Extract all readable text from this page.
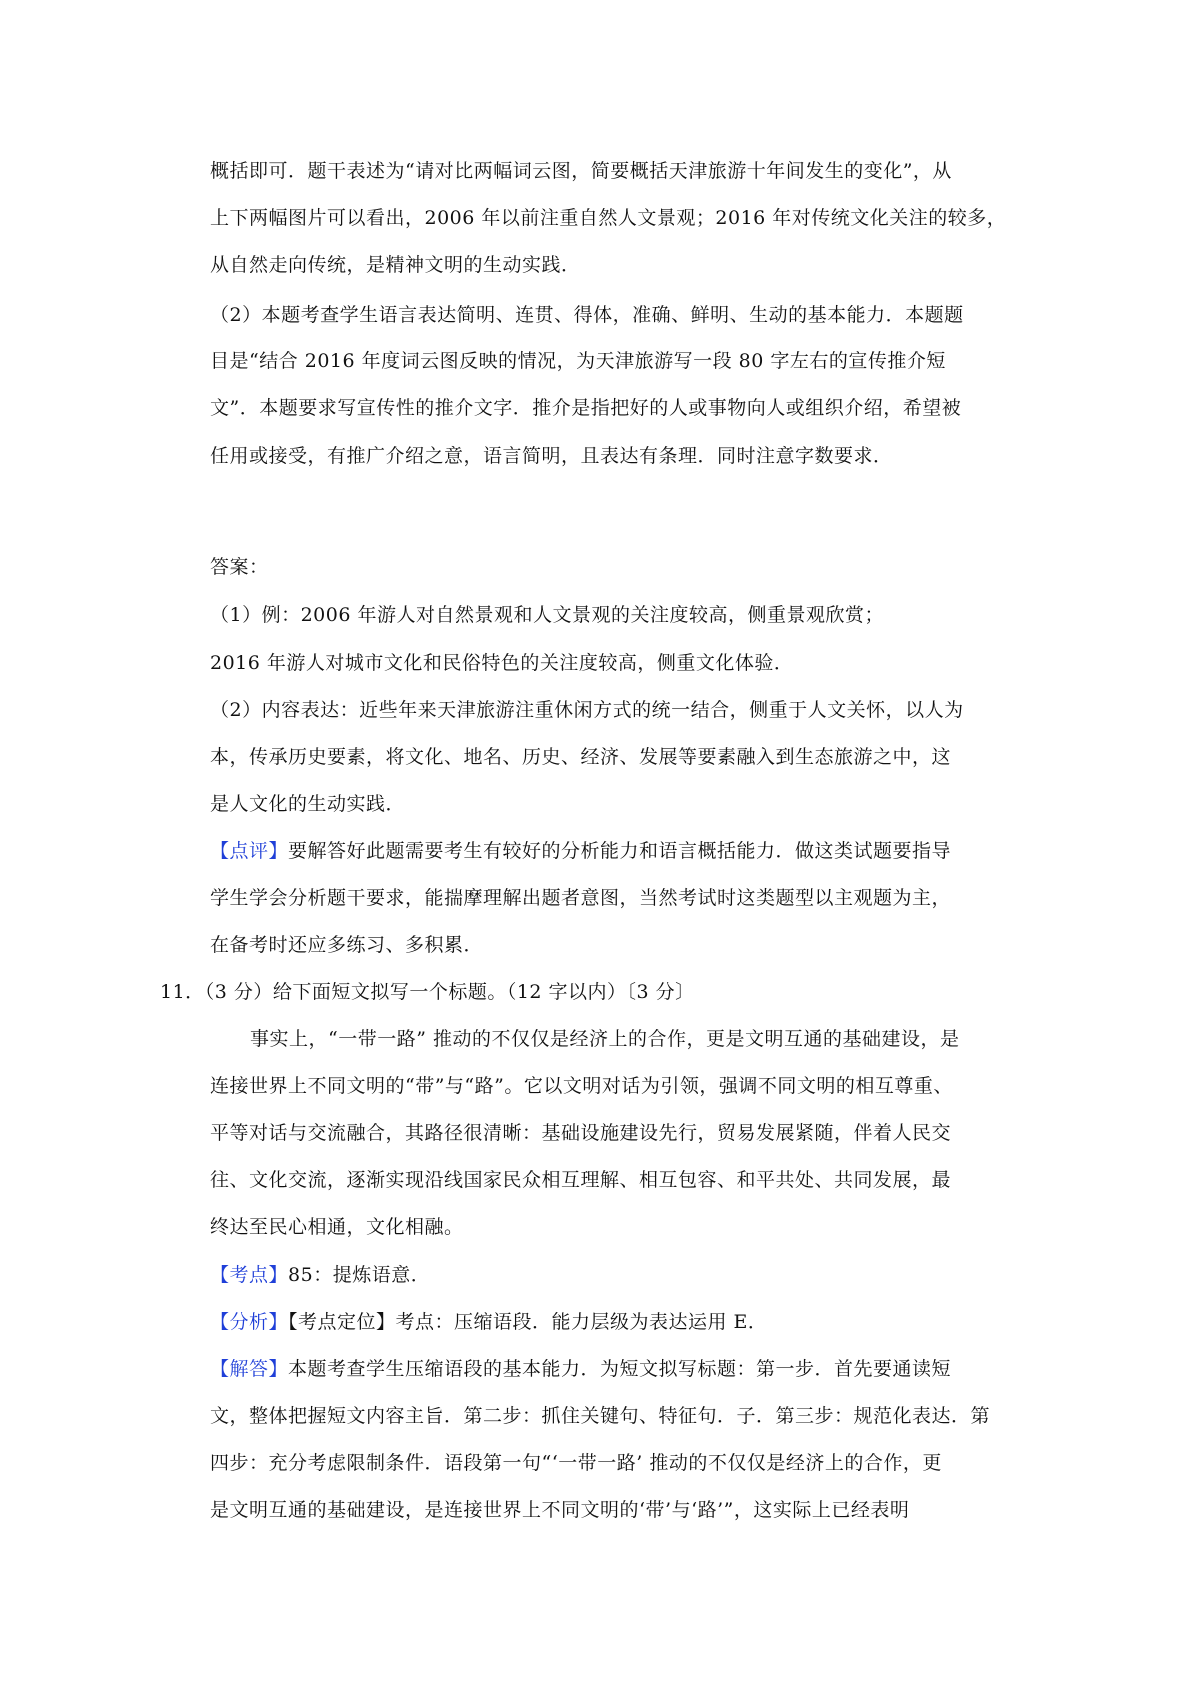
概括即可．题干表述为“请对比两幅词云图，简要概括天津旅游十年间发生的变化”，从
上下两幅图片可以看出，2006 年以前注重自然人文景观；2016 年对传统文化关注的较多，
从自然走向传统，是精神文明的生动实践．
（2）本题考查学生语言表达简明、连贯、得体，准确、鲜明、生动的基本能力．本题题
目是“结合 2016 年度词云图反映的情况，为天津旅游写一段 80 字左右的宣传推介短
文”．本题要求写宣传性的推介文字．推介是指把好的人或事物向人或组织介绍，希望被
任用或接受，有推广介绍之意，语言简明，且表达有条理．同时注意字数要求．
答案：
（1）例：2006 年游人对自然景观和人文景观的关注度较高，侧重景观欣赏；
2016 年游人对城市文化和民俗特色的关注度较高，侧重文化体验．
（2）内容表达：近些年来天津旅游注重休闲方式的统一结合，侧重于人文关怀，以人为
本，传承历史要素，将文化、地名、历史、经济、发展等要素融入到生态旅游之中，这
是人文化的生动实践．
【点评】要解答好此题需要考生有较好的分析能力和语言概括能力．做这类试题要指导
学生学会分析题干要求，能揣摩理解出题者意图，当然考试时这类题型以主观题为主，
在备考时还应多练习、多积累．
11．（3 分）给下面短文拟写一个标题。（12 字以内）〔3 分〕
事实上，“一带一路” 推动的不仅仅是经济上的合作，更是文明互通的基础建设，是
连接世界上不同文明的“带”与“路”。它以文明对话为引领，强调不同文明的相互尊重、
平等对话与交流融合，其路径很清晰：基础设施建设先行，贸易发展紧随，伴着人民交
往、文化交流，逐渐实现沿线国家民众相互理解、相互包容、和平共处、共同发展，最
终达至民心相通，文化相融。
【考点】85：提炼语意．
【分析】【考点定位】考点：压缩语段．能力层级为表达运用 E．
【解答】本题考查学生压缩语段的基本能力．为短文拟写标题：第一步．首先要通读短
文，整体把握短文内容主旨．第二步：抓住关键句、特征句．子．第三步：规范化表达．第
四步：充分考虑限制条件．语段第一句“‘一带一路’ 推动的不仅仅是经济上的合作，更
是文明互通的基础建设，是连接世界上不同文明的‘带’与‘路’”，这实际上已经表明
